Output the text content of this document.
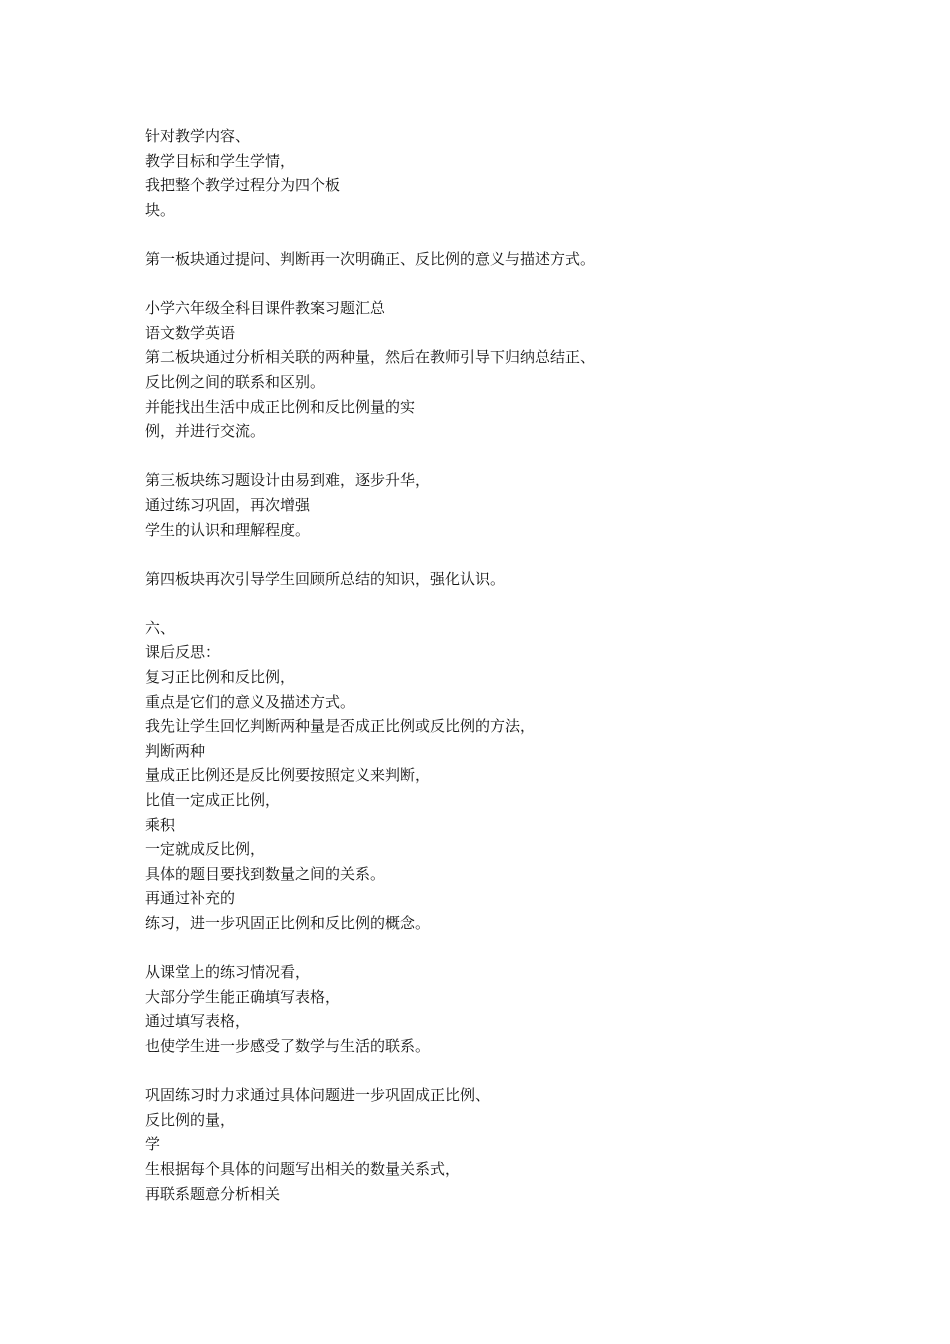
针对教学内容、
教学目标和学生学情，
我把整个教学过程分为四个板
块。
第一板块通过提问、判断再一次明确正、反比例的意义与描述方式。
小学六年级全科目课件教案习题汇总
语文数学英语
第二板块通过分析相关联的两种量，然后在教师引导下归纳总结正、
反比例之间的联系和区别。
并能找出生活中成正比例和反比例量的实
例，并进行交流。
第三板块练习题设计由易到难，逐步升华，
通过练习巩固，再次增强
学生的认识和理解程度。
第四板块再次引导学生回顾所总结的知识，强化认识。
六、
课后反思：
复习正比例和反比例，
重点是它们的意义及描述方式。
我先让学生回忆判断两种量是否成正比例或反比例的方法，
判断两种
量成正比例还是反比例要按照定义来判断，
比值一定成正比例，
乘积
一定就成反比例，
具体的题目要找到数量之间的关系。
再通过补充的
练习，进一步巩固正比例和反比例的概念。
从课堂上的练习情况看，
大部分学生能正确填写表格，
通过填写表格，
也使学生进一步感受了数学与生活的联系。
巩固练习时力求通过具体问题进一步巩固成正比例、
反比例的量，
学
生根据每个具体的问题写出相关的数量关系式，
再联系题意分析相关
